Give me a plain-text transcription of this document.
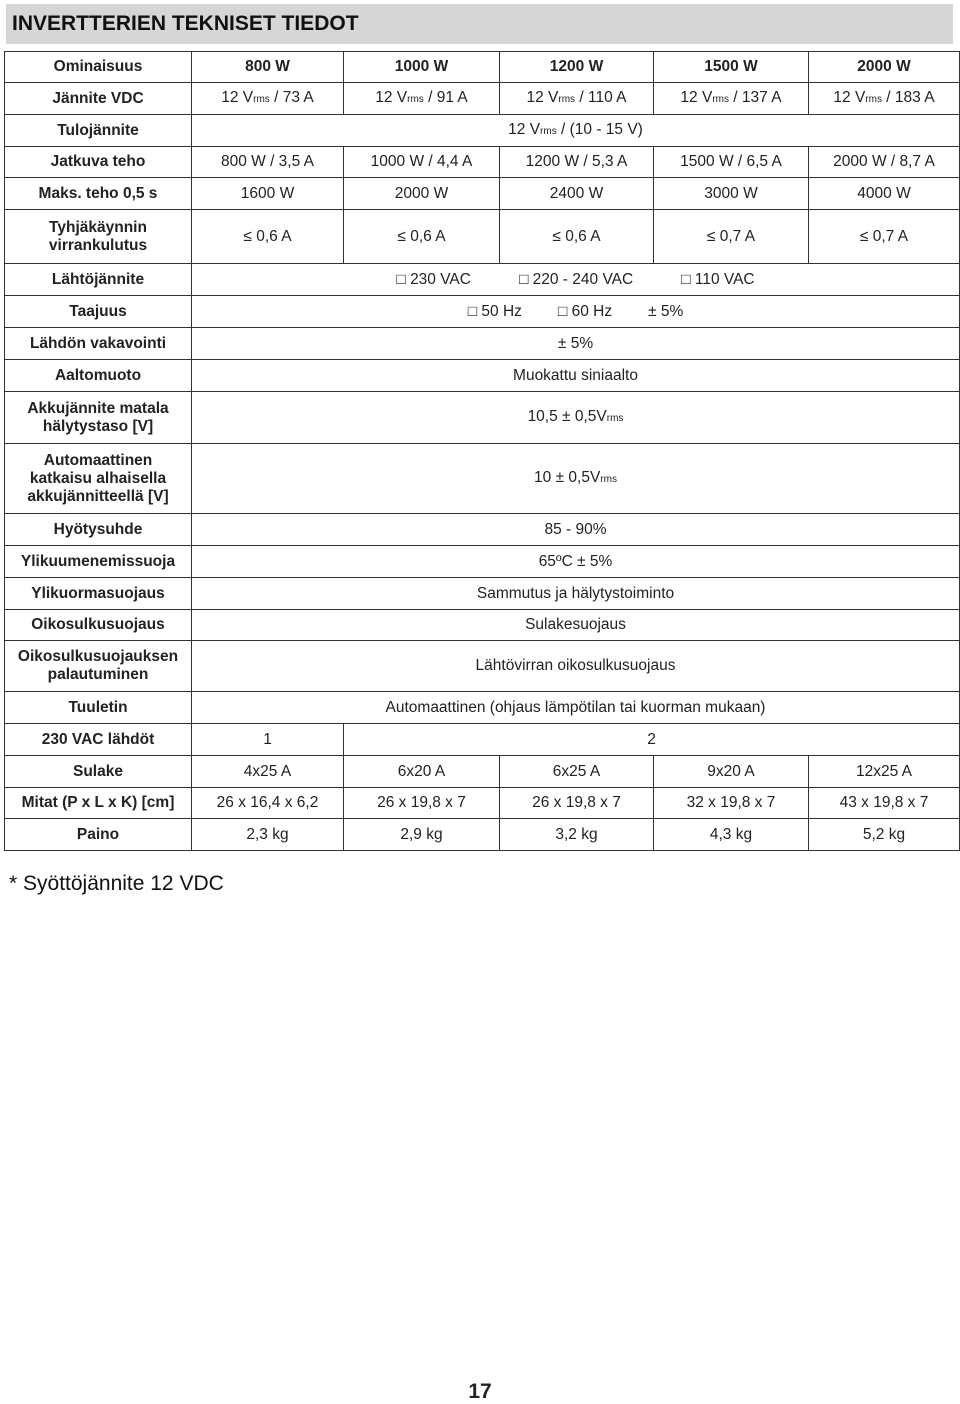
INVERTTERIEN TEKNISET TIEDOT
Ominaisuus	800 W	1000 W	1200 W	1500 W	2000 W
Jännite VDC	12 Vrms / 73 A	12 Vrms / 91 A	12 Vrms / 110 A	12 Vrms / 137 A	12 Vrms / 183 A
Tulojännite	12 Vrms / (10 - 15 V)				
Jatkuva teho	800 W / 3,5 A	1000 W / 4,4 A	1200 W / 5,3 A	1500 W / 6,5 A	2000 W / 8,7 A
Maks. teho 0,5 s	1600 W	2000 W	2400 W	3000 W	4000 W
Tyhjäkäynnin
virrankulutus	≤ 0,6 A	≤ 0,6 A	≤ 0,6 A	≤ 0,7 A	≤ 0,7 A
Lähtöjännite	□ 230 VAC □ 220 - 240 VAC □ 110 VAC				
Taajuus	□ 50 Hz □ 60 Hz ± 5%				
Lähdön vakavointi	± 5%				
Aaltomuoto	Muokattu siniaalto				
Akkujännite matala
hälytystaso [V]	10,5 ± 0,5Vrms				
Automaattinen
katkaisu alhaisella
akkujännitteellä [V]	10 ± 0,5Vrms				
Hyötysuhde	85 - 90%				
Ylikuumenemissuoja	65ºC ± 5%				
Ylikuormasuojaus	Sammutus ja hälytystoiminto				
Oikosulkusuojaus	Sulakesuojaus				
Oikosulkusuojauksen
palautuminen	Lähtövirran oikosulkusuojaus				
Tuuletin	Automaattinen (ohjaus lämpötilan tai kuorman mukaan)				
230 VAC lähdöt	1	2			
Sulake	4x25 A	6x20 A	6x25 A	9x20 A	12x25 A
Mitat (P x L x K) [cm]	26 x 16,4 x 6,2	26 x 19,8 x 7	26 x 19,8 x 7	32 x 19,8 x 7	43 x 19,8 x 7
Paino	2,3 kg	2,9 kg	3,2 kg	4,3 kg	5,2 kg
* Syöttöjännite 12 VDC
17
